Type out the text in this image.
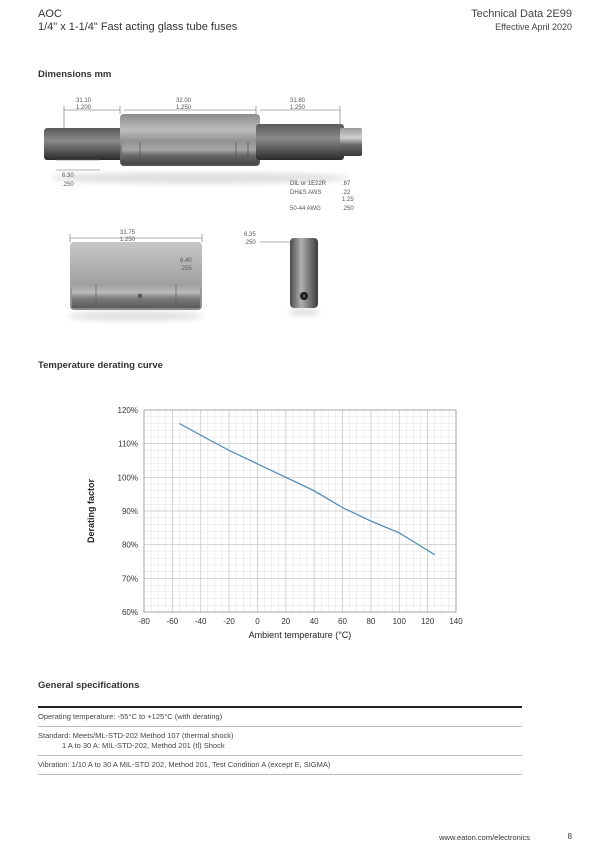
AOC
1/4" x 1-1/4" Fast acting glass tube fuses
Technical Data 2E99
Effective April 2020
Dimensions mm
31.10
1.200
32.00
1.250
31.80
1.250
6.30
.250	DIL or 1E22R	.87
DH&S AWS	.22
1.25
50-44 AWG	.250
31.75
1.250
6.40
.255
6.35
.250
Temperature derating curve
-80 -60 -40 -20	0	20 40 60 80 100 120 140
60%
70%
80%
90%
100%
110%
120%
Ambient temperature (°C)
Derating factor
General specifications
Operating temperature: -55°C to +125°C (with derating)
Standard: Meets/ML-STD-202 Method 107 (thermal shock)
1 A to 30 A: MIL-STD-202, Method 201 (tl) Shock
Vibration: 1/10 A to 30 A MIL-STD 202, Method 201, Test Condition A (except E, SIGMA)
www.eaton.com/electronics	8
